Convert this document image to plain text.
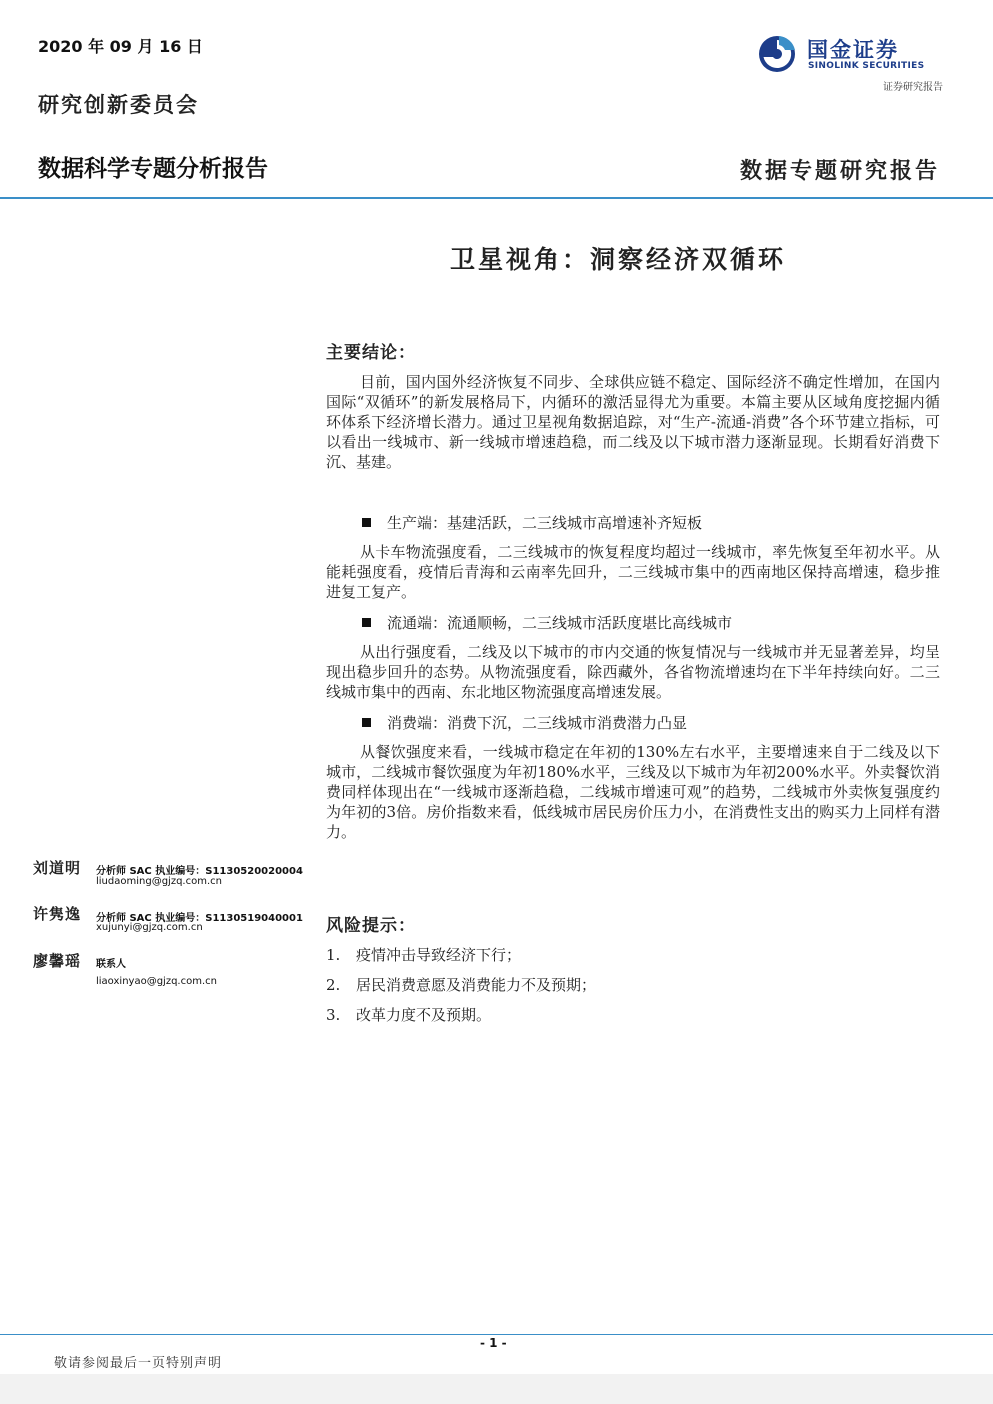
2020 年 09 月 16 日
研究创新委员会
数据科学专题分析报告	数据专题研究报告
国金证券
SINOLINK SECURITIES
证券研究报告
卫星视角：洞察经济双循环
主要结论：
目前，国内国外经济恢复不同步、全球供应链不稳定、国际经济不确定性增加，在国内国际“双循环”的新发展格局下，内循环的激活显得尤为重要。本篇主要从区域角度挖掘内循环体系下经济增长潜力。通过卫星视角数据追踪，对“生产-流通-消费”各个环节建立指标，可以看出一线城市、新一线城市增速趋稳，而二线及以下城市潜力逐渐显现。长期看好消费下沉、基建。
生产端：基建活跃，二三线城市高增速补齐短板
从卡车物流强度看，二三线城市的恢复程度均超过一线城市，率先恢复至年初水平。从能耗强度看，疫情后青海和云南率先回升，二三线城市集中的西南地区保持高增速，稳步推进复工复产。
流通端：流通顺畅，二三线城市活跃度堪比高线城市
从出行强度看，二线及以下城市的市内交通的恢复情况与一线城市并无显著差异，均呈现出稳步回升的态势。从物流强度看，除西藏外，各省物流增速均在下半年持续向好。二三线城市集中的西南、东北地区物流强度高增速发展。
消费端：消费下沉，二三线城市消费潜力凸显
从餐饮强度来看，一线城市稳定在年初的130%左右水平，主要增速来自于二线及以下城市，二线城市餐饮强度为年初180%水平，三线及以下城市为年初200%水平。外卖餐饮消费同样体现出在“一线城市逐渐趋稳，二线城市增速可观”的趋势，二线城市外卖恢复强度约为年初的3倍。房价指数来看，低线城市居民房价压力小，在消费性支出的购买力上同样有潜力。
刘道明 分析师 SAC 执业编号：S1130520020004
liudaoming@gjzq.com.cn
许隽逸 分析师 SAC 执业编号：S1130519040001
xujunyi@gjzq.com.cn
廖馨瑶 联系人
liaoxinyao@gjzq.com.cn
风险提示：
1. 疫情冲击导致经济下行；
2. 居民消费意愿及消费能力不及预期；
3. 改革力度不及预期。
- 1 -
敬请参阅最后一页特别声明
